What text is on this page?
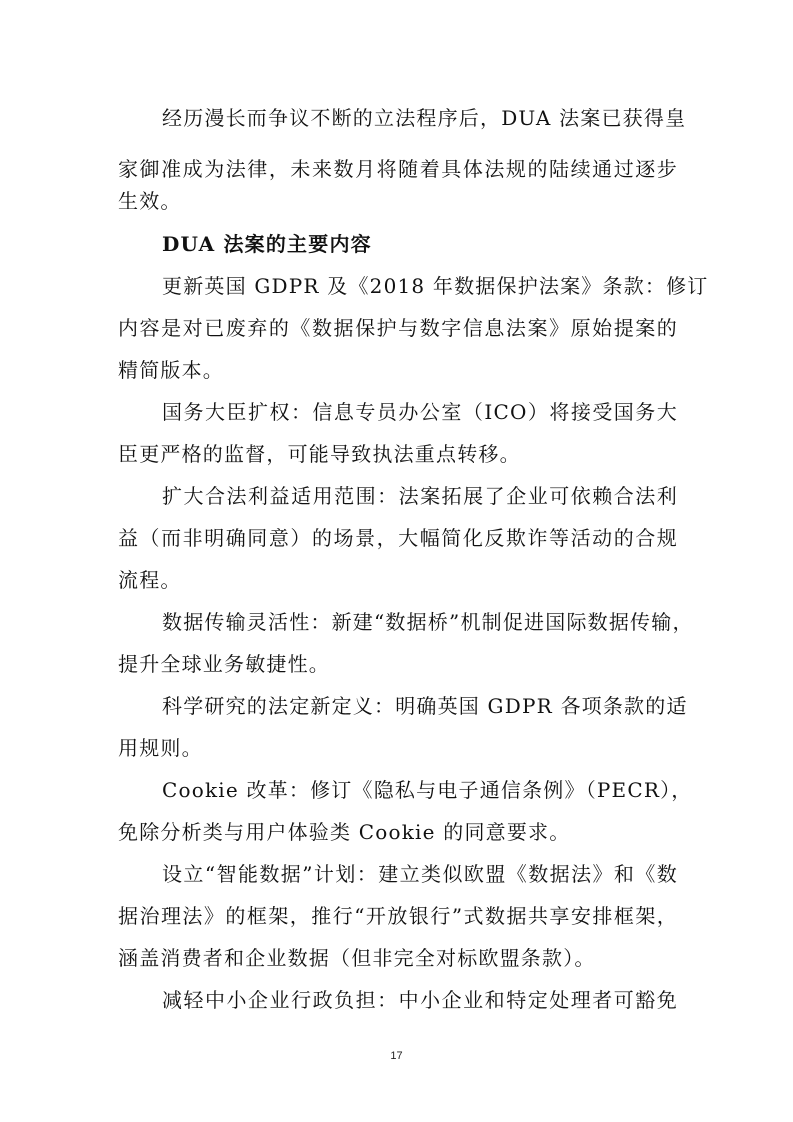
经历漫长而争议不断的立法程序后，DUA 法案已获得皇
家御准成为法律，未来数月将随着具体法规的陆续通过逐步
生效。
DUA 法案的主要内容
更新英国 GDPR 及《2018 年数据保护法案》条款：修订
内容是对已废弃的《数据保护与数字信息法案》原始提案的
精简版本。
国务大臣扩权：信息专员办公室（ICO）将接受国务大
臣更严格的监督，可能导致执法重点转移。
扩大合法利益适用范围：法案拓展了企业可依赖合法利
益（而非明确同意）的场景，大幅简化反欺诈等活动的合规
流程。
数据传输灵活性：新建“数据桥”机制促进国际数据传输，
提升全球业务敏捷性。
科学研究的法定新定义：明确英国 GDPR 各项条款的适
用规则。
Cookie 改革：修订《隐私与电子通信条例》（PECR），
免除分析类与用户体验类 Cookie 的同意要求。
设立“智能数据”计划：建立类似欧盟《数据法》和《数
据治理法》的框架，推行“开放银行”式数据共享安排框架，
涵盖消费者和企业数据（但非完全对标欧盟条款）。
减轻中小企业行政负担：中小企业和特定处理者可豁免
17
